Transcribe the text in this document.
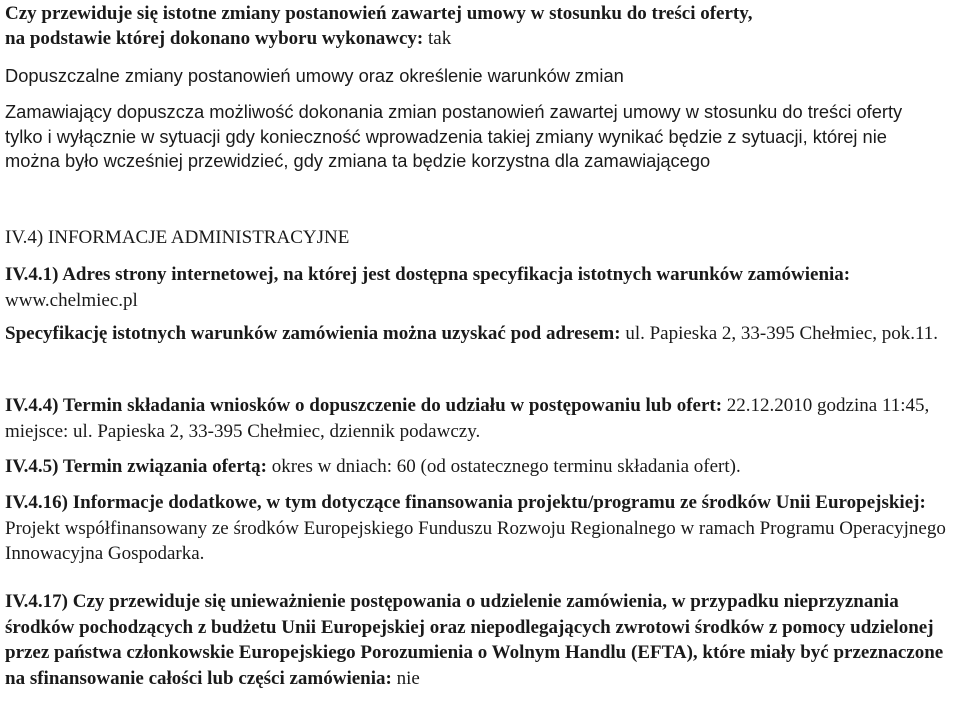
Czy przewiduje się istotne zmiany postanowień zawartej umowy w stosunku do treści oferty,
na podstawie której dokonano wyboru wykonawcy: tak
Dopuszczalne zmiany postanowień umowy oraz określenie warunków zmian
Zamawiający dopuszcza możliwość dokonania zmian postanowień zawartej umowy w stosunku do treści oferty tylko i wyłącznie w sytuacji gdy konieczność wprowadzenia takiej zmiany wynikać będzie z sytuacji, której nie można było wcześniej przewidzieć, gdy zmiana ta będzie korzystna dla zamawiającego
IV.4) INFORMACJE ADMINISTRACYJNE
IV.4.1) Adres strony internetowej, na której jest dostępna specyfikacja istotnych warunków zamówienia: www.chelmiec.pl
Specyfikację istotnych warunków zamówienia można uzyskać pod adresem: ul. Papieska 2, 33-395 Chełmiec, pok.11.
IV.4.4) Termin składania wniosków o dopuszczenie do udziału w postępowaniu lub ofert: 22.12.2010 godzina 11:45, miejsce: ul. Papieska 2, 33-395 Chełmiec, dziennik podawczy.
IV.4.5) Termin związania ofertą: okres w dniach: 60 (od ostatecznego terminu składania ofert).
IV.4.16) Informacje dodatkowe, w tym dotyczące finansowania projektu/programu ze środków Unii Europejskiej: Projekt współfinansowany ze środków Europejskiego Funduszu Rozwoju Regionalnego w ramach Programu Operacyjnego Innowacyjna Gospodarka.
IV.4.17) Czy przewiduje się unieważnienie postępowania o udzielenie zamówienia, w przypadku nieprzyznania środków pochodzących z budżetu Unii Europejskiej oraz niepodlegających zwrotowi środków z pomocy udzielonej przez państwa członkowskie Europejskiego Porozumienia o Wolnym Handlu (EFTA), które miały być przeznaczone na sfinansowanie całości lub części zamówienia: nie
